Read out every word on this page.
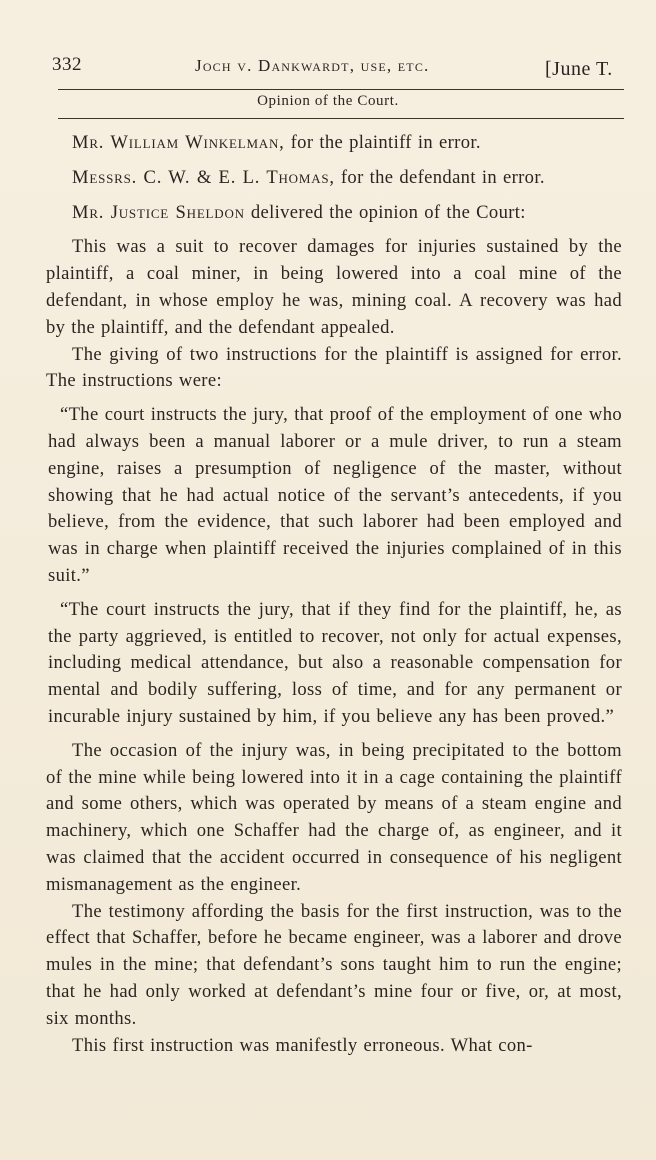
332	Joch v. Dankwardt, use, etc.	[June T.
Opinion of the Court.

Mr. William Winkelman, for the plaintiff in error.

Messrs. C. W. & E. L. Thomas, for the defendant in error.

Mr. Justice Sheldon delivered the opinion of the Court:

This was a suit to recover damages for injuries sustained by the plaintiff, a coal miner, in being lowered into a coal mine of the defendant, in whose employ he was, mining coal. A recovery was had by the plaintiff, and the defendant appealed.

The giving of two instructions for the plaintiff is assigned for error. The instructions were:

“The court instructs the jury, that proof of the employment of one who had always been a manual laborer or a mule driver, to run a steam engine, raises a presumption of negligence of the master, without showing that he had actual notice of the servant’s antecedents, if you believe, from the evidence, that such laborer had been employed and was in charge when plaintiff received the injuries complained of in this suit.”

“The court instructs the jury, that if they find for the plaintiff, he, as the party aggrieved, is entitled to recover, not only for actual expenses, including medical attendance, but also a reasonable compensation for mental and bodily suffering, loss of time, and for any permanent or incurable injury sustained by him, if you believe any has been proved.”

The occasion of the injury was, in being precipitated to the bottom of the mine while being lowered into it in a cage containing the plaintiff and some others, which was operated by means of a steam engine and machinery, which one Schaffer had the charge of, as engineer, and it was claimed that the accident occurred in consequence of his negligent mismanagement as the engineer.

The testimony affording the basis for the first instruction, was to the effect that Schaffer, before he became engineer, was a laborer and drove mules in the mine; that defendant’s sons taught him to run the engine; that he had only worked at defendant’s mine four or five, or, at most, six months.

This first instruction was manifestly erroneous. What con-
